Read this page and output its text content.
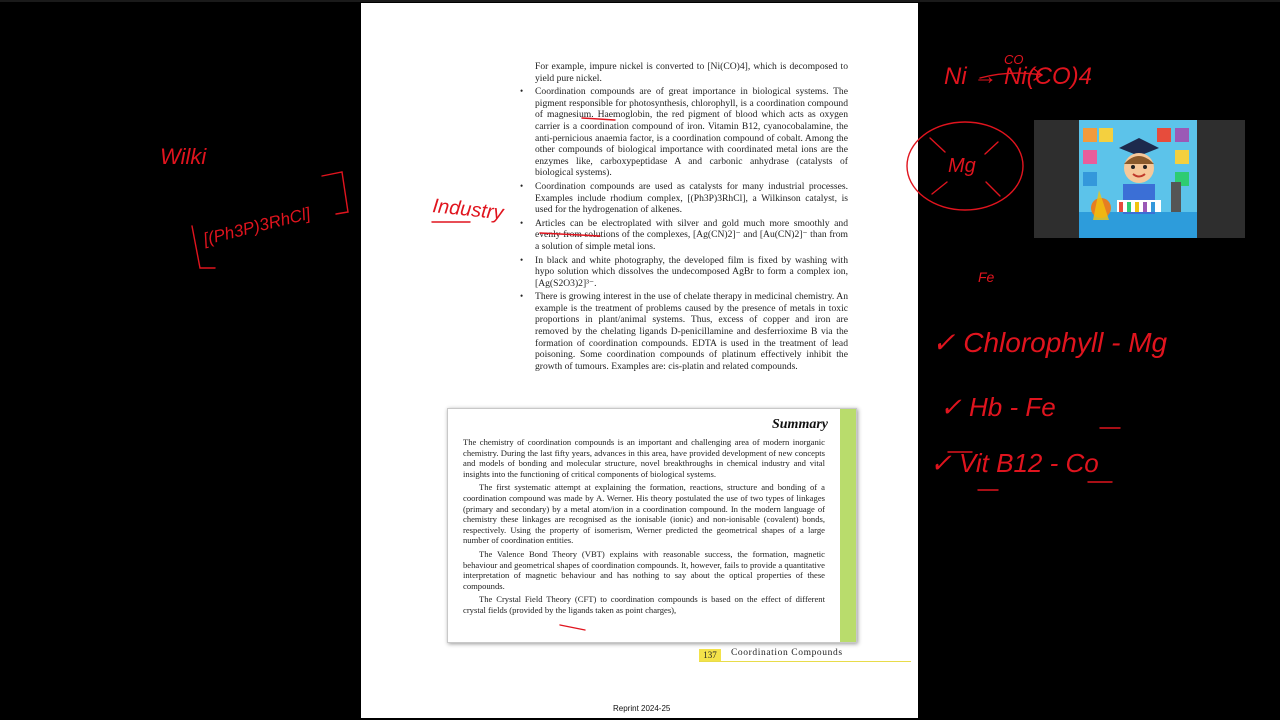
For example, impure nickel is converted to [Ni(CO)4], which is decomposed to yield pure nickel.

• Coordination compounds are of great importance in biological systems. The pigment responsible for photosynthesis, chlorophyll, is a coordination compound of magnesium. Haemoglobin, the red pigment of blood which acts as oxygen carrier is a coordination compound of iron. Vitamin B12, cyanocobalamine, the anti-pernicious anaemia factor, is a coordination compound of cobalt. Among the other compounds of biological importance with coordinated metal ions are the enzymes like, carboxypeptidase A and carbonic anhydrase (catalysts of biological systems).

• Coordination compounds are used as catalysts for many industrial processes. Examples include rhodium complex, [(Ph3P)3RhCl], a Wilkinson catalyst, is used for the hydrogenation of alkenes.

• Articles can be electroplated with silver and gold much more smoothly and evenly from solutions of the complexes, [Ag(CN)2]⁻ and [Au(CN)2]⁻ than from a solution of simple metal ions.

• In black and white photography, the developed film is fixed by washing with hypo solution which dissolves the undecomposed AgBr to form a complex ion, [Ag(S2O3)2]³⁻.

• There is growing interest in the use of chelate therapy in medicinal chemistry. An example is the treatment of problems caused by the presence of metals in toxic proportions in plant/animal systems. Thus, excess of copper and iron are removed by the chelating ligands D-penicillamine and desferrioxime B via the formation of coordination compounds. EDTA is used in the treatment of lead poisoning. Some coordination compounds of platinum effectively inhibit the growth of tumours. Examples are: cis-platin and related compounds.

Summary

The chemistry of coordination compounds is an important and challenging area of modern inorganic chemistry. During the last fifty years, advances in this area, have provided development of new concepts and models of bonding and molecular structure, novel breakthroughs in chemical industry and vital insights into the functioning of critical components of biological systems.

The first systematic attempt at explaining the formation, reactions, structure and bonding of a coordination compound was made by A. Werner. His theory postulated the use of two types of linkages (primary and secondary) by a metal atom/ion in a coordination compound. In the modern language of chemistry these linkages are recognised as the ionisable (ionic) and non-ionisable (covalent) bonds, respectively. Using the property of isomerism, Werner predicted the geometrical shapes of a large number of coordination entities.

The Valence Bond Theory (VBT) explains with reasonable success, the formation, magnetic behaviour and geometrical shapes of coordination compounds. It, however, fails to provide a quantitative interpretation of magnetic behaviour and has nothing to say about the optical properties of these compounds.

The Crystal Field Theory (CFT) to coordination compounds is based on the effect of different crystal fields (provided by the ligands taken as point charges),

137	Coordination Compounds
Reprint 2024-25
Wilki
[(Ph3P)3RhCl]	Industry
Ni → Ni(CO)4
CO
Mg
Fe
✓ Chlorophyll - Mg
✓ Hb - Fe
✓ Vit B12 - Co
